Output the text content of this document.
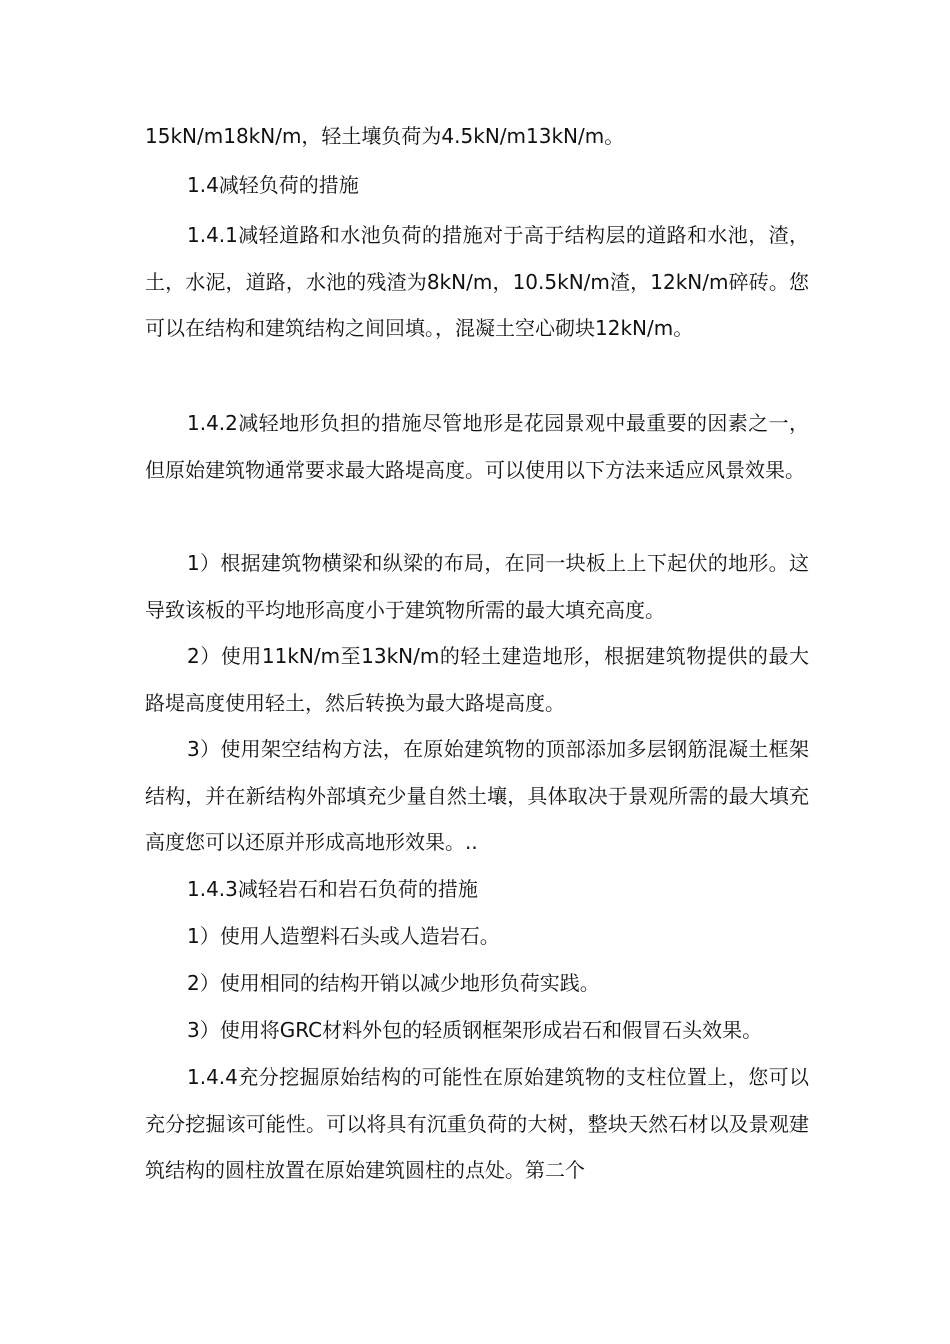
15kN/m18kN/m，轻土壤负荷为4.5kN/m13kN/m。

1.4减轻负荷的措施

1.4.1减轻道路和水池负荷的措施对于高于结构层的道路和水池，渣，土，水泥，道路，水池的残渣为8kN/m，10.5kN/m渣，12kN/m碎砖。您可以在结构和建筑结构之间回填。，混凝土空心砌块12kN/m。

1.4.2减轻地形负担的措施尽管地形是花园景观中最重要的因素之一，但原始建筑物通常要求最大路堤高度。可以使用以下方法来适应风景效果。

1）根据建筑物横梁和纵梁的布局，在同一块板上上下起伏的地形。这导致该板的平均地形高度小于建筑物所需的最大填充高度。

2）使用11kN/m至13kN/m的轻土建造地形，根据建筑物提供的最大路堤高度使用轻土，然后转换为最大路堤高度。

3）使用架空结构方法，在原始建筑物的顶部添加多层钢筋混凝土框架结构，并在新结构外部填充少量自然土壤，具体取决于景观所需的最大填充高度您可以还原并形成高地形效果。..

1.4.3减轻岩石和岩石负荷的措施

1）使用人造塑料石头或人造岩石。

2）使用相同的结构开销以减少地形负荷实践。

3）使用将GRC材料外包的轻质钢框架形成岩石和假冒石头效果。

1.4.4充分挖掘原始结构的可能性在原始建筑物的支柱位置上，您可以充分挖掘该可能性。可以将具有沉重负荷的大树，整块天然石材以及景观建筑结构的圆柱放置在原始建筑圆柱的点处。第二个
